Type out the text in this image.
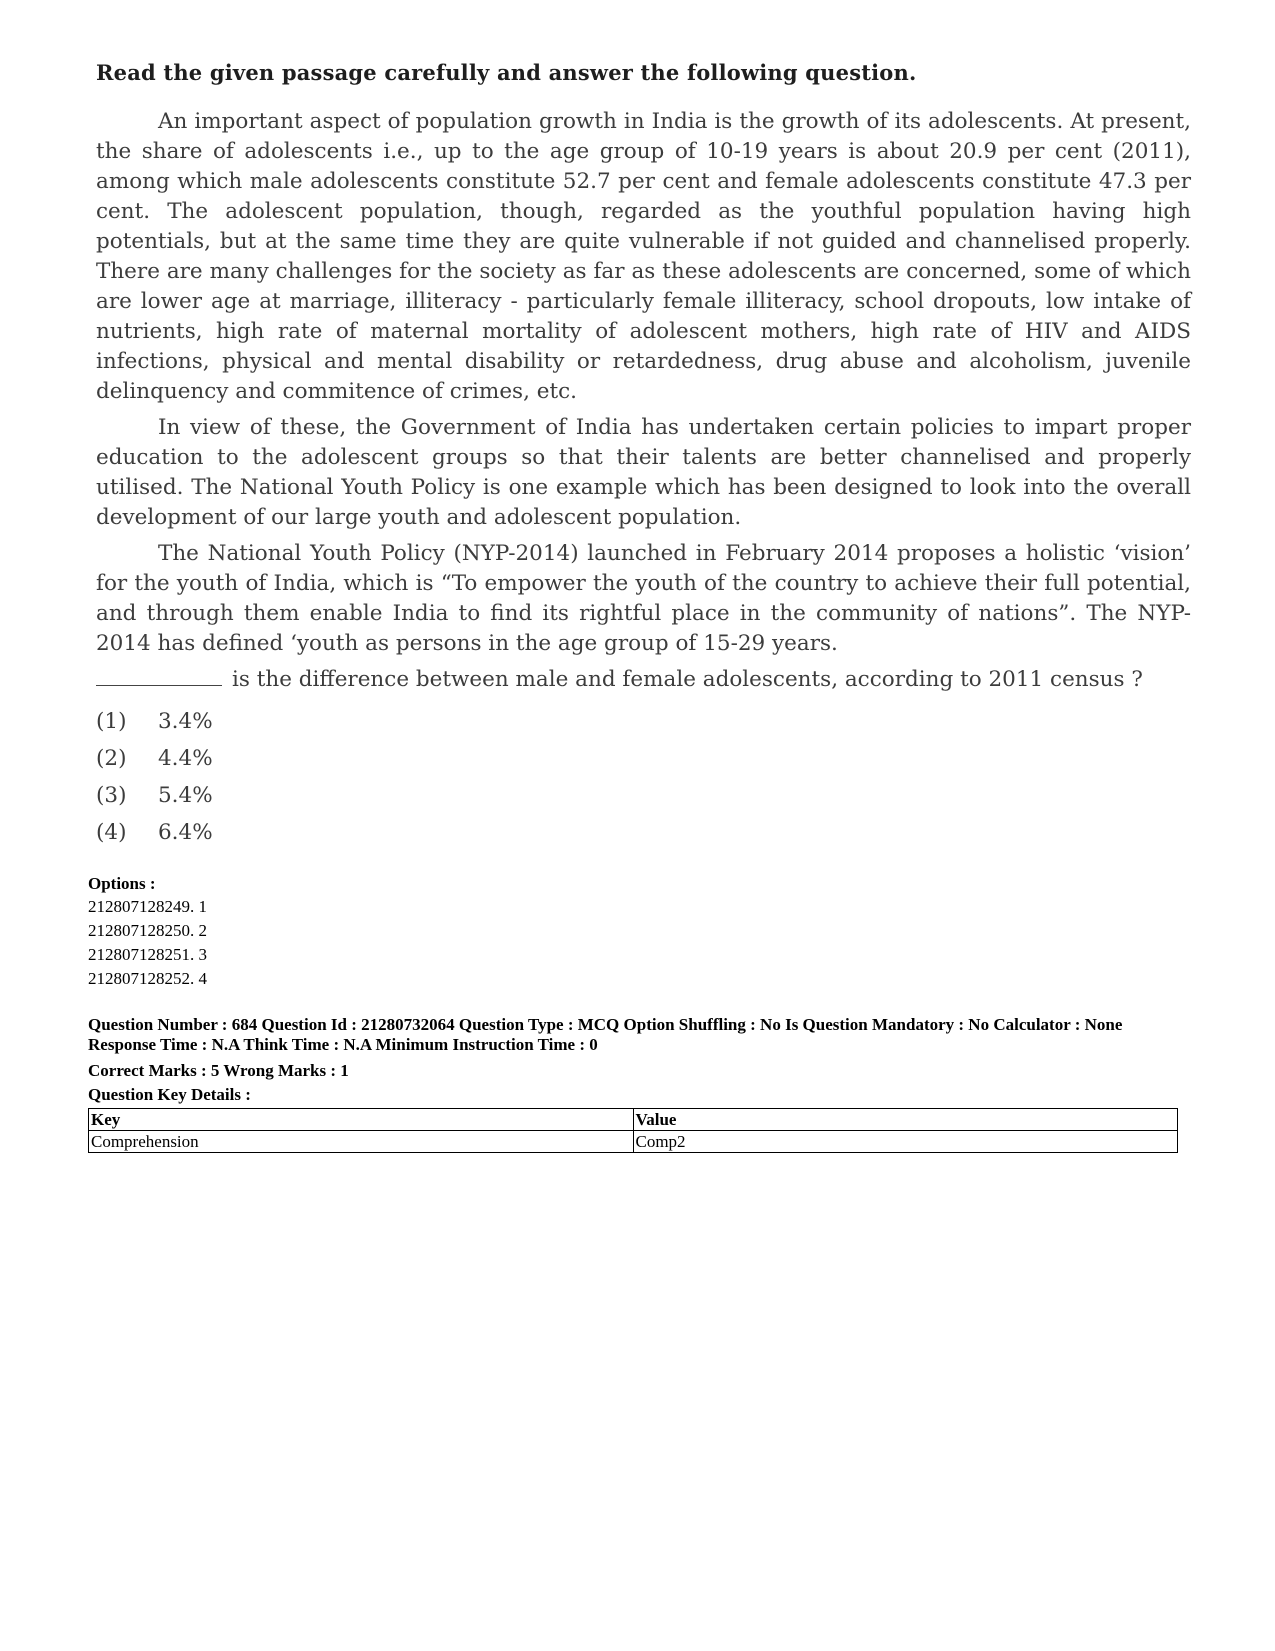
Read the given passage carefully and answer the following question.

An important aspect of population growth in India is the growth of its adolescents. At present, the share of adolescents i.e., up to the age group of 10-19 years is about 20.9 per cent (2011), among which male adolescents constitute 52.7 per cent and female adolescents constitute 47.3 per cent. The adolescent population, though, regarded as the youthful population having high potentials, but at the same time they are quite vulnerable if not guided and channelised properly. There are many challenges for the society as far as these adolescents are concerned, some of which are lower age at marriage, illiteracy - particularly female illiteracy, school dropouts, low intake of nutrients, high rate of maternal mortality of adolescent mothers, high rate of HIV and AIDS infections, physical and mental disability or retardedness, drug abuse and alcoholism, juvenile delinquency and commitence of crimes, etc.

In view of these, the Government of India has undertaken certain policies to impart proper education to the adolescent groups so that their talents are better channelised and properly utilised. The National Youth Policy is one example which has been designed to look into the overall development of our large youth and adolescent population.

The National Youth Policy (NYP-2014) launched in February 2014 proposes a holistic ‘vision’ for the youth of India, which is “To empower the youth of the country to achieve their full potential, and through them enable India to find its rightful place in the community of nations”. The NYP-2014 has defined ‘youth as persons in the age group of 15-29 years.

is the difference between male and female adolescents, according to 2011 census ?
(1)	3.4%
(2)	4.4%
(3)	5.4%
(4)	6.4%
Options :
212807128249. 1
212807128250. 2
212807128251. 3
212807128252. 4
Question Number : 684 Question Id : 21280732064 Question Type : MCQ Option Shuffling : No Is Question Mandatory : No Calculator : None
Response Time : N.A Think Time : N.A Minimum Instruction Time : 0
Correct Marks : 5 Wrong Marks : 1
Question Key Details :
Key	Value
Comprehension	Comp2
